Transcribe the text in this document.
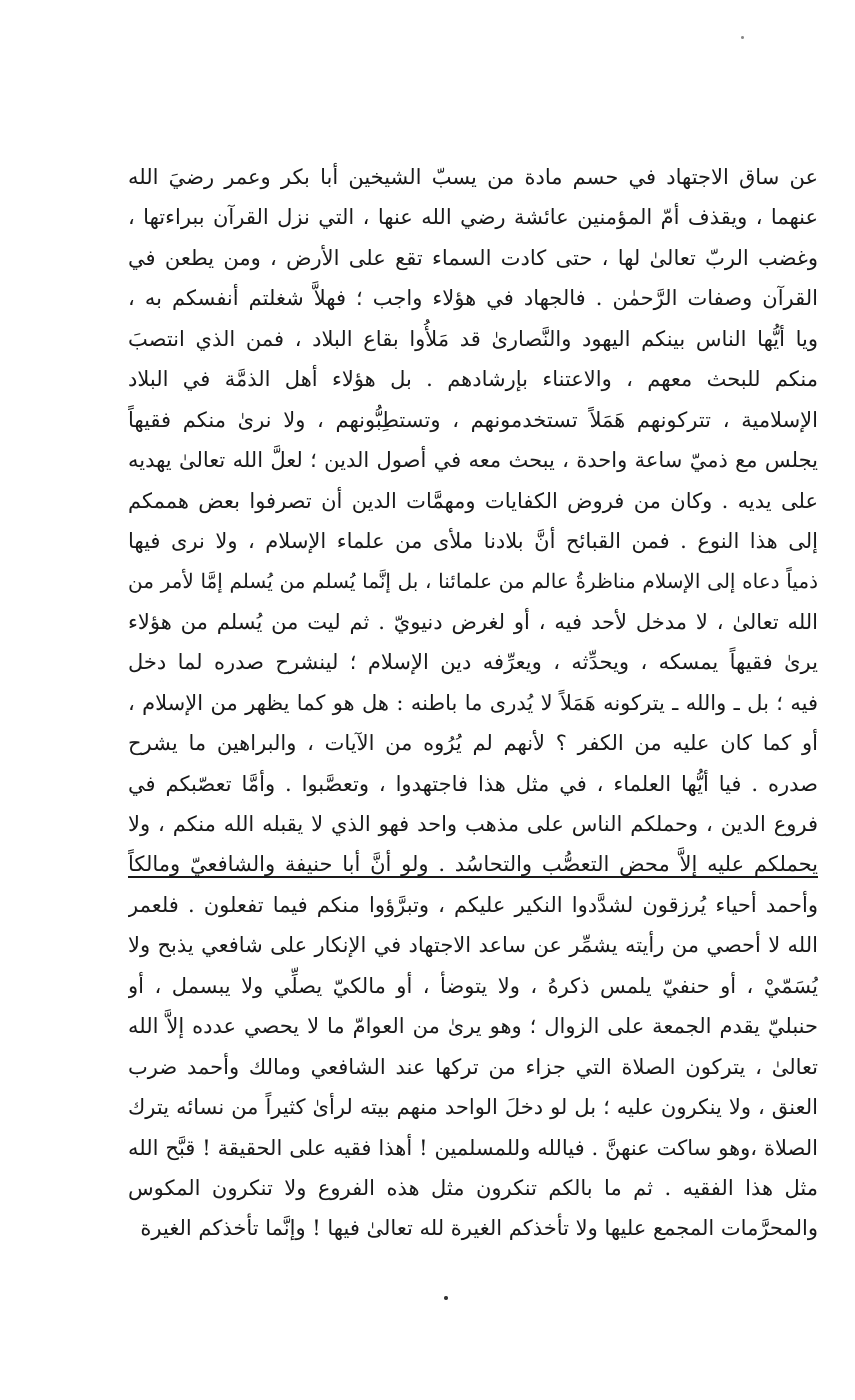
عن ساق الاجتهاد في حسم مادة من يسبّ الشيخين أبا بكر وعمر رضيَ الله
عنهما ، ويقذف أمّ المؤمنين عائشة رضي الله عنها ، التي نزل القرآن ببراءتها ،
وغضب الربّ تعالىٰ لها ، حتى كادت السماء تقع على الأرض ، ومن يطعن في
القرآن وصفات الرَّحمٰن . فالجهاد في هؤلاء واجب ؛ فهلاَّ شغلتم أنفسكم به ،
ويا أيُّها الناس بينكم اليهود والنَّصارىٰ قد مَلأُوا بقاع البلاد ، فمن الذي انتصبَ
منكم للبحث معهم ، والاعتناء بإرشادهم . بل هؤلاء أهل الذمَّة في البلاد
الإسلامية ، تتركونهم هَمَلاً تستخدمونهم ، وتستطِبُّونهم ، ولا نرىٰ منكم فقيهاً
يجلس مع ذميّ ساعة واحدة ، يبحث معه في أصول الدين ؛ لعلَّ الله تعالىٰ يهديه
على يديه . وكان من فروض الكفايات ومهمَّات الدين أن تصرفوا بعض هممكم
إلى هذا النوع . فمن القبائح أنَّ بلادنا ملأى من علماء الإسلام ، ولا نرى فيها
ذمياً دعاه إلى الإسلام مناظرةُ عالم من علمائنا ، بل إنَّما يُسلم من يُسلم إمَّا لأمر من
الله تعالىٰ ، لا مدخل لأحد فيه ، أو لغرض دنيويّ . ثم ليت من يُسلم من هؤلاء
يرىٰ فقيهاً يمسكه ، ويحدِّثه ، ويعرِّفه دين الإسلام ؛ لينشرح صدره لما دخل
فيه ؛ بل ـ والله ـ يتركونه هَمَلاً لا يُدرى ما باطنه : هل هو كما يظهر من الإسلام ،
أو كما كان عليه من الكفر ؟ لأنهم لم يُرُوه من الآيات ، والبراهين ما يشرح
صدره . فيا أيُّها العلماء ، في مثل هذا فاجتهدوا ، وتعصَّبوا . وأمَّا تعصّبكم في
فروع الدين ، وحملكم الناس على مذهب واحد فهو الذي لا يقبله الله منكم ، ولا
يحملكم عليه إلاَّ محض التعصُّب والتحاسُد . ولو أنَّ أبا حنيفة والشافعيّ ومالكاً
وأحمد أحياء يُرزقون لشدَّدوا النكير عليكم ، وتبرَّؤوا منكم فيما تفعلون . فلعمر
الله لا أحصي من رأيته يشمِّر عن ساعد الاجتهاد في الإنكار على شافعي يذبح ولا
يُسَمّيْ ، أو حنفيّ يلمس ذكرهُ ، ولا يتوضأ ، أو مالكيّ يصلِّي ولا يبسمل ، أو
حنبليّ يقدم الجمعة على الزوال ؛ وهو يرىٰ من العوامّ ما لا يحصي عدده إلاَّ الله
تعالىٰ ، يتركون الصلاة التي جزاء من تركها عند الشافعي ومالك وأحمد ضرب
العنق ، ولا ينكرون عليه ؛ بل لو دخلَ الواحد منهم بيته لرأىٰ كثيراً من نسائه يترك
الصلاة ،وهو ساكت عنهنَّ . فيالله وللمسلمين ! أهذا فقيه على الحقيقة ! قبَّح الله
مثل هذا الفقيه . ثم ما بالكم تنكرون مثل هذه الفروع ولا تنكرون المكوس
والمحرَّمات المجمع عليها ولا تأخذكم الغيرة لله تعالىٰ فيها ! وإنَّما تأخذكم الغيرة
